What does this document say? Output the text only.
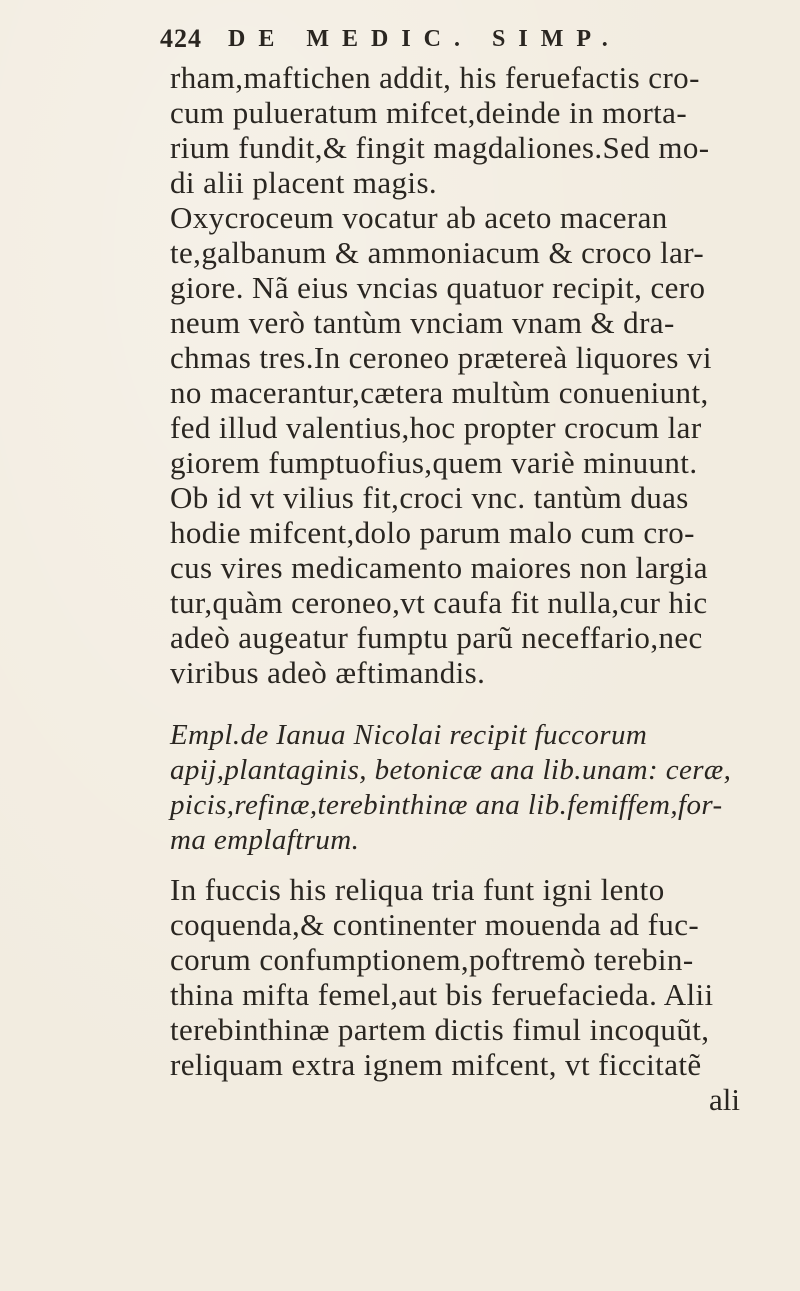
424 DE MEDIC. SIMP.
rham,maftichen addit, his feruefactis cro-
cum pulueratum mifcet,deinde in morta-
rium fundit,& fingit magdaliones.Sed mo-
di alii placent magis.
Oxycroceum vocatur ab aceto maceran
te,galbanum & ammoniacum & croco lar-
giore. Nã eius vncias quatuor recipit, cero
neum verò tantùm vnciam vnam & dra-
chmas tres.In ceroneo prætereà liquores vi
no macerantur,cætera multùm conueniunt,
fed illud valentius,hoc propter crocum lar
giorem fumptuofius,quem variè minuunt.
Ob id vt vilius fit,croci vnc. tantùm duas
hodie mifcent,dolo parum malo cum cro-
cus vires medicamento maiores non largia
tur,quàm ceroneo,vt caufa fit nulla,cur hic
adeò augeatur fumptu parũ neceffario,nec
viribus adeò æftimandis.
Empl.de Ianua Nicolai recipit fuccorum
apij,plantaginis, betonicæ ana lib.unam: ceræ,
picis,refinæ,terebinthinæ ana lib.femiffem,for-
ma emplaftrum.
In fuccis his reliqua tria funt igni lento
coquenda,& continenter mouenda ad fuc-
corum confumptionem,poftremò terebin-
thina mifta femel,aut bis feruefacieda. Alii
terebinthinæ partem dictis fimul incoquũt,
reliquam extra ignem mifcent, vt ficcitatẽ
ali
